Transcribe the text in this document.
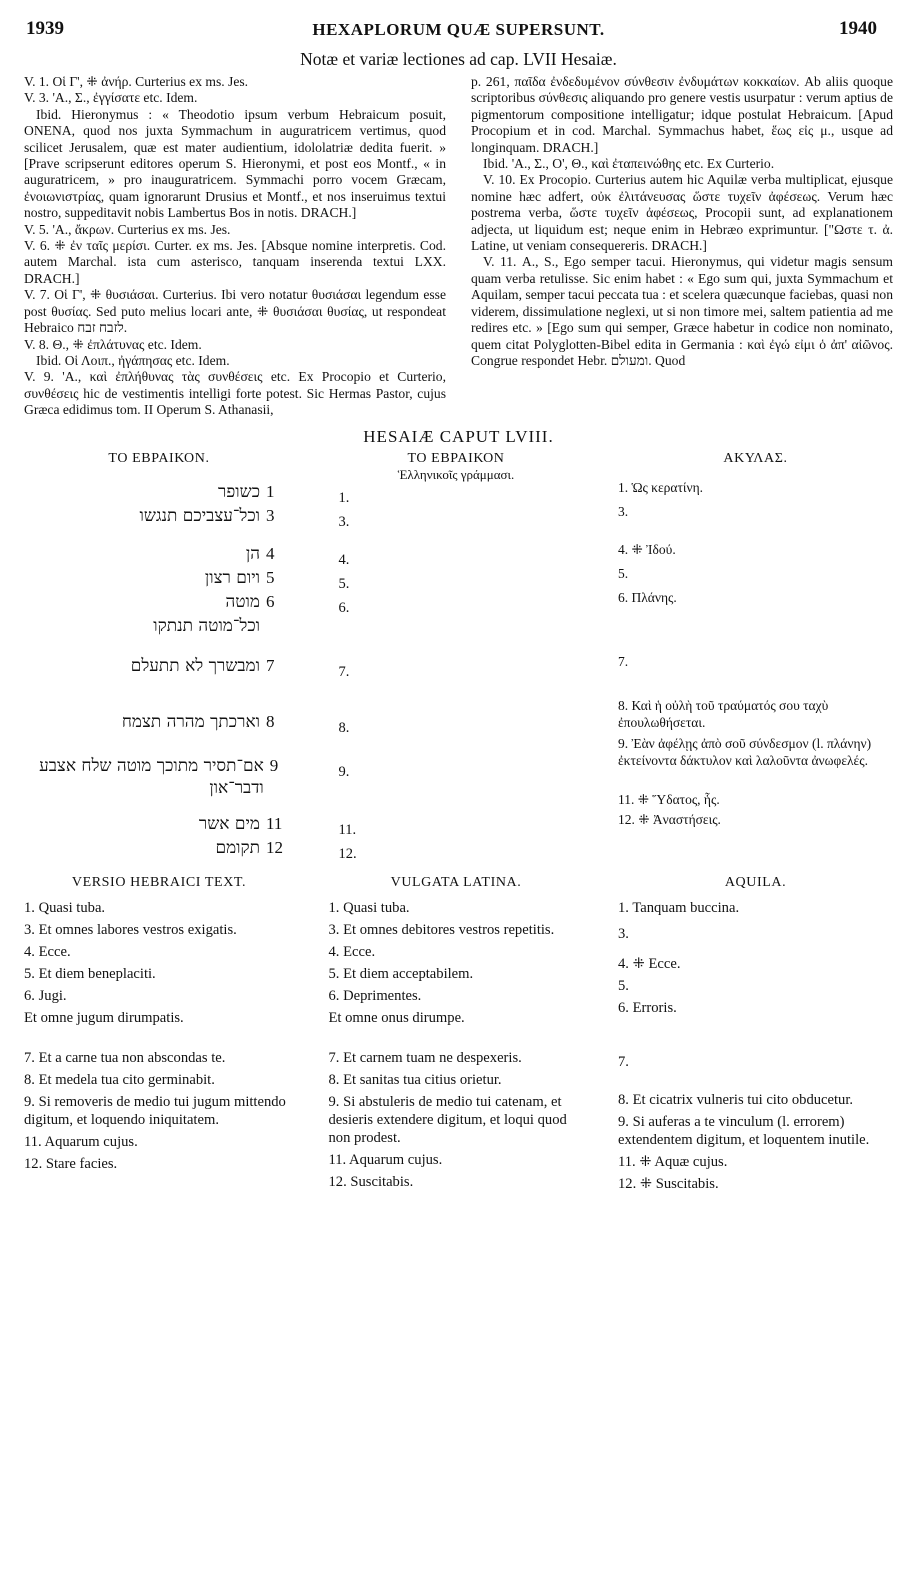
1939	HEXAPLORUM QUÆ SUPERSUNT.	1940
Notæ et variæ lectiones ad cap. LVII Hesaiæ.

V. 1. Οἱ Γ', ⁜ ἀνήρ. Curterius ex ms. Jes.

V. 3. 'Α., Σ., ἐγγίσατε etc. Idem.

Ibid. Hieronymus : « Theodotio ipsum verbum Hebraicum posuit, ONENA, quod nos juxta Symmachum in auguratricem vertimus, quod scilicet Jerusalem, quæ est mater audientium, idololatriæ dedita fuerit. » [Prave scripserunt editores operum S. Hieronymi, et post eos Montf., « in auguratricem, » pro inauguratricem. Symmachi porro vocem Græcam, ἐνοιωνιστρίας, quam ignorarunt Drusius et Montf., et nos inseruimus textui nostro, suppeditavit nobis Lambertus Bos in notis. DRACH.]

V. 5. 'Α., ἄκρων. Curterius ex ms. Jes.

V. 6. ⁜ ἐν ταῖς μερίσι. Curter. ex ms. Jes. [Absque nomine interpretis. Cod. autem Marchal. ista cum asterisco, tanquam inserenda textui LXX. DRACH.]

V. 7. Οἱ Γ', ⁜ θυσιάσαι. Curterius. Ibi vero notatur θυσιάσαι legendum esse post θυσίας. Sed puto melius locari ante, ⁜ θυσιάσαι θυσίας, ut respondeat Hebraico לזבח זבח.

V. 8. Θ., ⁜ ἐπλάτυνας etc. Idem.

Ibid. Οἱ Λοιπ., ἠγάπησας etc. Idem.

V. 9. 'Α., καὶ ἐπλήθυνας τὰς συνθέσεις etc. Ex Procopio et Curterio, συνθέσεις hic de vestimentis intelligi forte potest. Sic Hermas Pastor, cujus Græca edidimus tom. II Operum S. Athanasii,

p. 261, παῖδα ἐνδεδυμένον σύνθεσιν ἐνδυμάτων κοκκαίων. Ab aliis quoque scriptoribus σύνθεσις aliquando pro genere vestis usurpatur : verum aptius de pigmentorum compositione intelligatur; idque postulat Hebraicum. [Apud Procopium et in cod. Marchal. Symmachus habet, ἕως εἰς μ., usque ad longinquam. DRACH.]

Ibid. 'Α., Σ., Ο', Θ., καὶ ἐταπεινώθης etc. Ex Curterio.

V. 10. Ex Procopio. Curterius autem hic Aquilæ verba multiplicat, ejusque nomine hæc adfert, οὐκ ἐλιτάνευσας ὥστε τυχεῖν ἀφέσεως. Verum hæc postrema verba, ὥστε τυχεῖν ἀφέσεως, Procopii sunt, ad explanationem adjecta, ut liquidum est; neque enim in Hebræo exprimuntur. ["Ωστε τ. ἀ. Latine, ut veniam consequereris. DRACH.]

V. 11. Α., S., Ego semper tacui. Hieronymus, qui videtur magis sensum quam verba retulisse. Sic enim habet : « Ego sum qui, juxta Symmachum et Aquilam, semper tacui peccata tua : et scelera quæcunque faciebas, quasi non viderem, dissimulatione neglexi, ut si non timore mei, saltem patientia ad me redires etc. » [Ego sum qui semper, Græce habetur in codice non nominato, quem citat Polyglotten-Bibel edita in Germania : καὶ ἐγώ εἰμι ὁ ἀπ' αἰῶνος. Congrue respondet Hebr. ומעולם. Quod

HESAIÆ CAPUT LVIII.
ΤΟ ΕΒΡΑΙΚΟΝ.
כשופר 1
וכל־עצביכם תנגשו 3
הן 4
ויום רצון 5
מוטה 6
וכל־מוטה תנתקו
ומבשרך לא תתעלם 7
וארכתך מהרה תצמח 8
אם־תסיר מתוכך מוטה שלח אצבע ודבר־און
9
מים אשר 11
תקומם 12
ΤΟ ΕΒΡΑΙΚΟΝ
Ἑλληνικοῖς γράμμασι.
1.
3.
4.
5.
6.
7.
8.
9.
11.
12.
ΑΚΥΛΑΣ.
1. Ὡς κερατίνη.
3.
4. ⁜ Ἰδού.
5.
6. Πλάνης.
7.
8. Καὶ ἡ οὐλὴ τοῦ τραύματός σου ταχὺ ἐπουλωθήσεται.
9. Ἐὰν ἀφέλῃς ἀπὸ σοῦ σύνδεσμον (l. πλάνην) ἐκτείνοντα δάκτυλον καὶ λαλοῦντα ἀνωφελές.
11. ⁜ Ὕδατος, ἧς.
12. ⁜ Ἀναστήσεις.
VERSIO HEBRAICI TEXT.
1. Quasi tuba.
3. Et omnes labores vestros exigatis.
4. Ecce.
5. Et diem beneplaciti.
6. Jugi.
Et omne jugum dirumpatis.
7. Et a carne tua non abscondas te.
8. Et medela tua cito germinabit.
9. Si removeris de medio tui jugum mittendo digitum, et loquendo iniquitatem.
11. Aquarum cujus.
12. Stare facies.
VULGATA LATINA.
1. Quasi tuba.
3. Et omnes debitores vestros repetitis.
4. Ecce.
5. Et diem acceptabilem.
6. Deprimentes.
Et omne onus dirumpe.
7. Et carnem tuam ne despexeris.
8. Et sanitas tua citius orietur.
9. Si abstuleris de medio tui catenam, et desieris extendere digitum, et loqui quod non prodest.
11. Aquarum cujus.
12. Suscitabis.
AQUILA.
1. Tanquam buccina.
3.
4. ⁜ Ecce.
5.
6. Erroris.
7.
8. Et cicatrix vulneris tui cito obducetur.
9. Si auferas a te vinculum (l. errorem) extendentem digitum, et loquentem inutile.
11. ⁜ Aquæ cujus.
12. ⁜ Suscitabis.
